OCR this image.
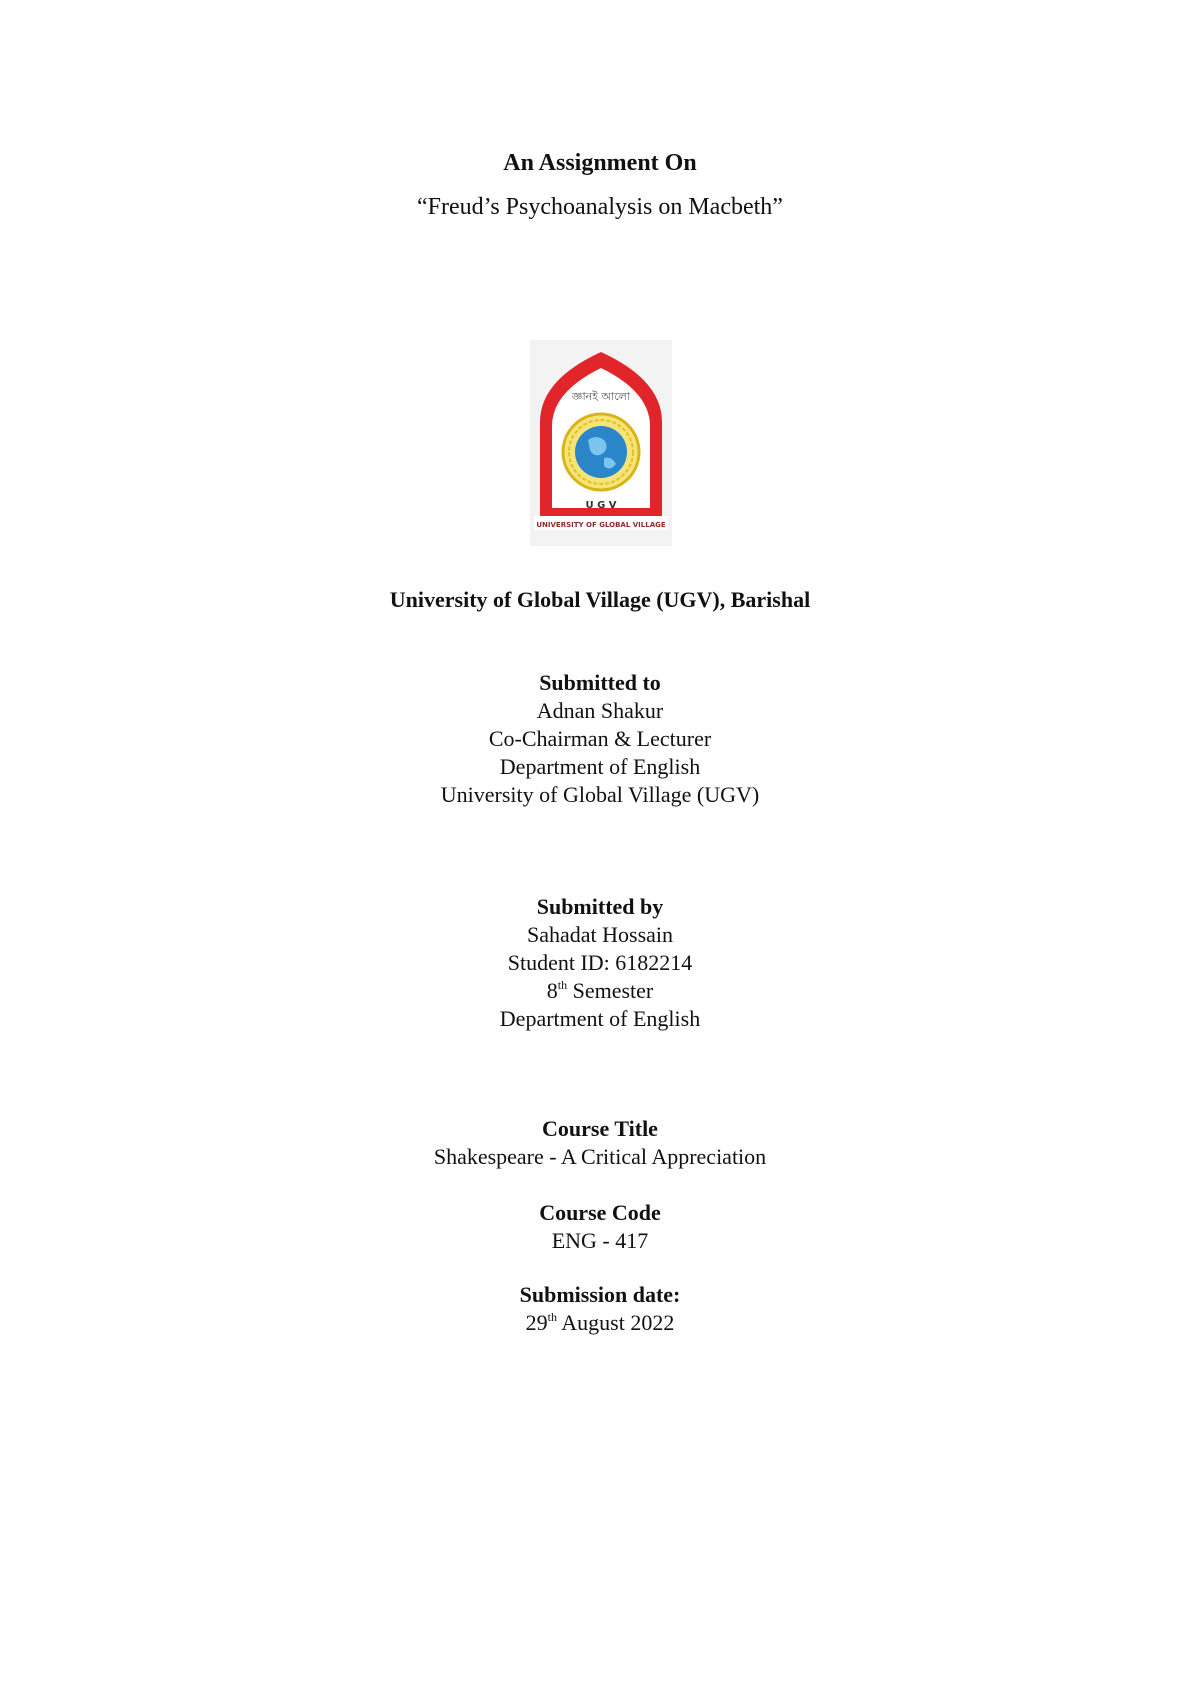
An Assignment On
“Freud’s Psychoanalysis on Macbeth”
জ্ঞানই আলো
U G V
UNIVERSITY OF GLOBAL VILLAGE
University of Global Village (UGV), Barishal
Submitted to
Adnan Shakur
Co-Chairman & Lecturer
Department of English
University of Global Village (UGV)
Submitted by
Sahadat Hossain
Student ID: 6182214
8th Semester
Department of English
Course Title
Shakespeare - A Critical Appreciation
Course Code
ENG - 417
Submission date:
29th August 2022
